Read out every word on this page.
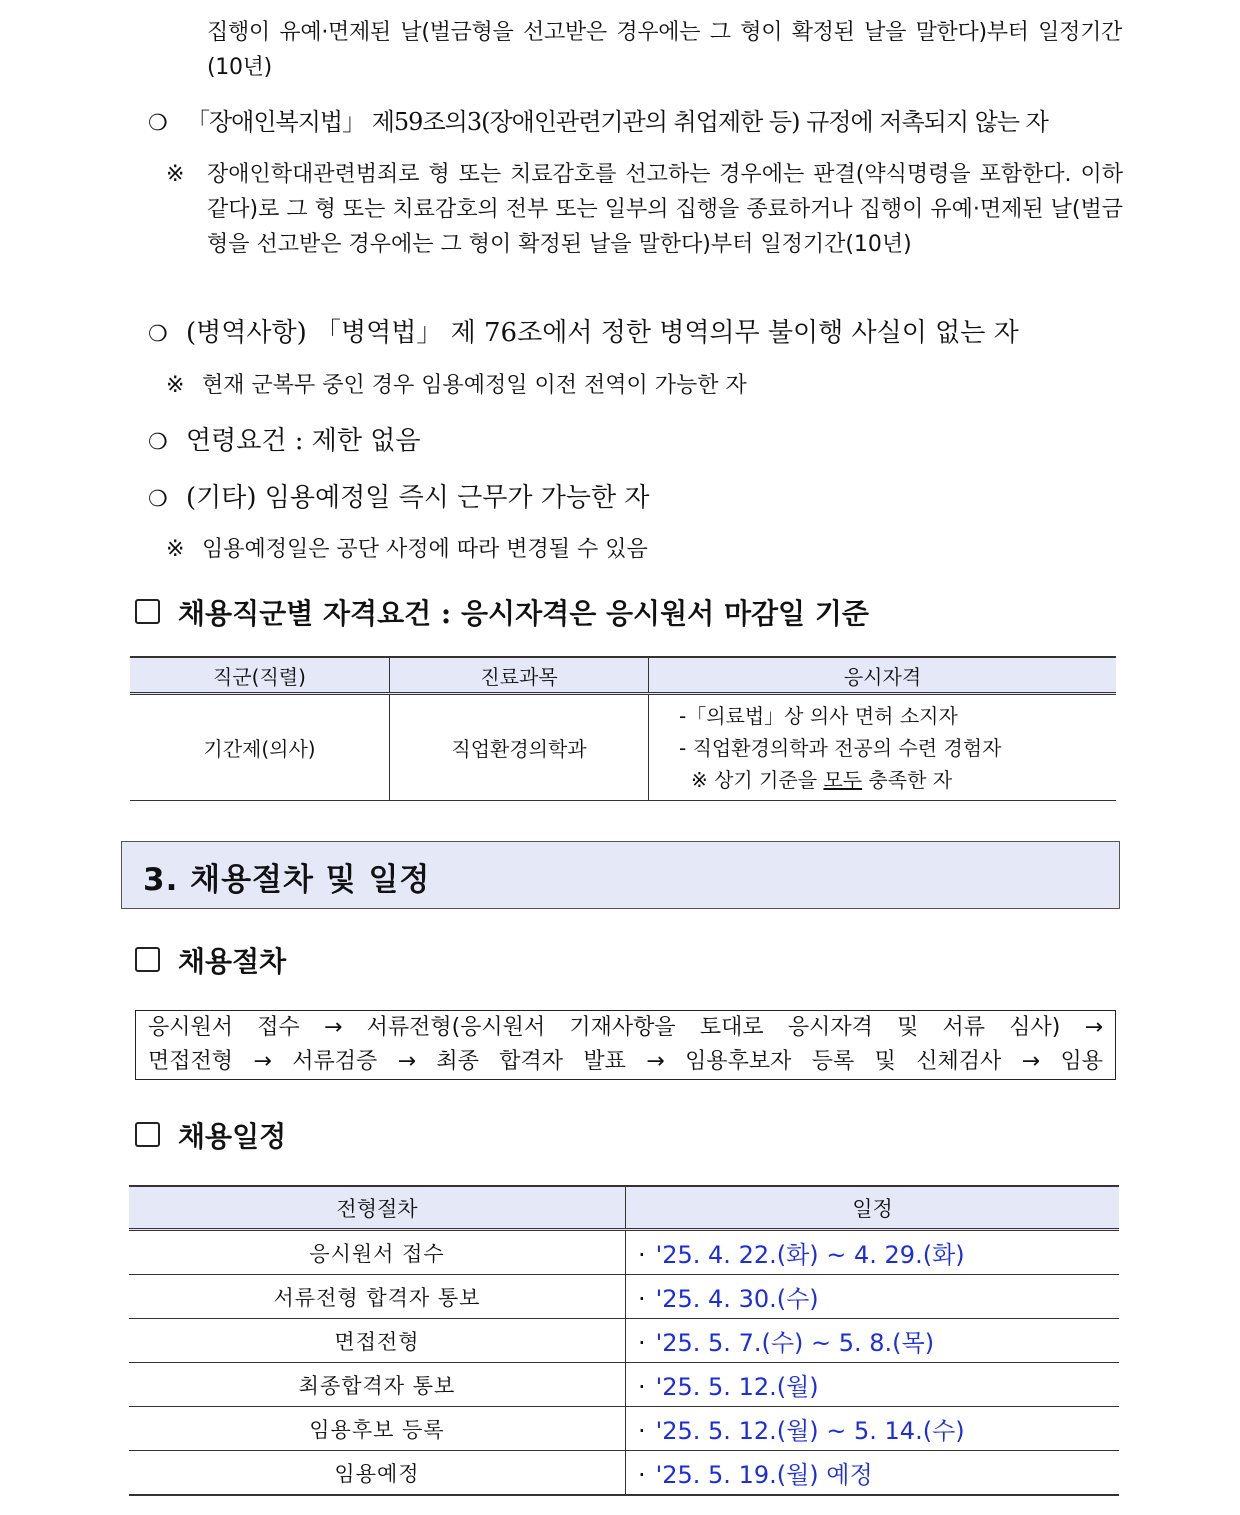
집행이 유예·면제된 날(벌금형을 선고받은 경우에는 그 형이 확정된 날을 말한다)부터 일정기간(10년)
❍ 「장애인복지법」 제59조의3(장애인관련기관의 취업제한 등) 규정에 저촉되지 않는 자
※ 장애인학대관련범죄로 형 또는 치료감호를 선고하는 경우에는 판결(약식명령을 포함한다. 이하 같다)로 그 형 또는 치료감호의 전부 또는 일부의 집행을 종료하거나 집행이 유예·면제된 날(벌금형을 선고받은 경우에는 그 형이 확정된 날을 말한다)부터 일정기간(10년)
❍ (병역사항) 「병역법」 제 76조에서 정한 병역의무 불이행 사실이 없는 자
※ 현재 군복무 중인 경우 임용예정일 이전 전역이 가능한 자
❍ 연령요건 : 제한 없음
❍ (기타) 임용예정일 즉시 근무가 가능한 자
※ 임용예정일은 공단 사정에 따라 변경될 수 있음
채용직군별 자격요건 : 응시자격은 응시원서 마감일 기준
직군(직렬)	진료과목	응시자격
기간제(의사)	직업환경의학과	-「의료법」상 의사 면허 소지자
- 직업환경의학과 전공의 수련 경험자
※ 상기 기준을 모두 충족한 자
3. 채용절차 및 일정
채용절차
응시원서 접수 → 서류전형(응시원서 기재사항을 토대로 응시자격 및 서류 심사) →
면접전형 → 서류검증 → 최종 합격자 발표 → 임용후보자 등록 및 신체검사 → 임용
채용일정
전형절차	일정
응시원서 접수	· '25. 4. 22.(화) ~ 4. 29.(화)
서류전형 합격자 통보	· '25. 4. 30.(수)
면접전형	· '25. 5. 7.(수) ~ 5. 8.(목)
최종합격자 통보	· '25. 5. 12.(월)
임용후보 등록	· '25. 5. 12.(월) ~ 5. 14.(수)
임용예정	· '25. 5. 19.(월) 예정
